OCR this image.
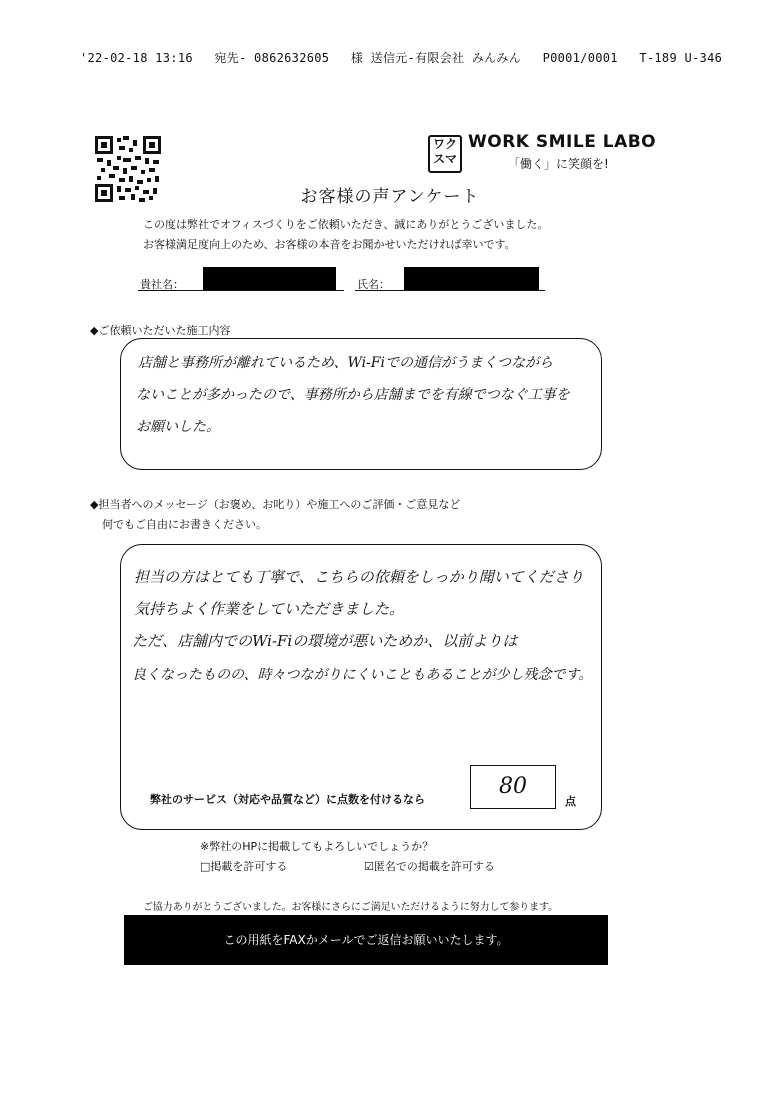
'22-02-18 13:16 宛先- 0862632605 様 送信元-有限会社 みんみん P0001/0001 T-189 U-346
ワク スマ
WORK SMILE LABO
「働く」に笑顔を!
お客様の声アンケート
この度は弊社でオフィスづくりをご依頼いただき、誠にありがとうございました。
お客様満足度向上のため、お客様の本音をお聞かせいただければ幸いです。
貴社名：	氏名：
◆ご依頼いただいた施工内容
店舗と事務所が離れているため、Wi-Fiでの通信がうまくつながら
ないことが多かったので、事務所から店舗までを有線でつなぐ工事を
お願いした。
◆担当者へのメッセージ（お褒め、お叱り）や施工へのご評価・ご意見など
何でもご自由にお書きください。
担当の方はとても丁寧で、こちらの依頼をしっかり聞いてくださり
気持ちよく作業をしていただきました。
ただ、店舗内でのWi-Fiの環境が悪いためか、以前よりは
良くなったものの、時々つながりにくいこともあることが少し残念です。
弊社のサービス（対応や品質など）に点数を付けるなら
80
点
※弊社のHPに掲載してもよろしいでしょうか？
□掲載を許可する	☑匿名での掲載を許可する
ご協力ありがとうございました。お客様にさらにご満足いただけるように努力して参ります。
この用紙をFAXかメールでご返信お願いいたします。
